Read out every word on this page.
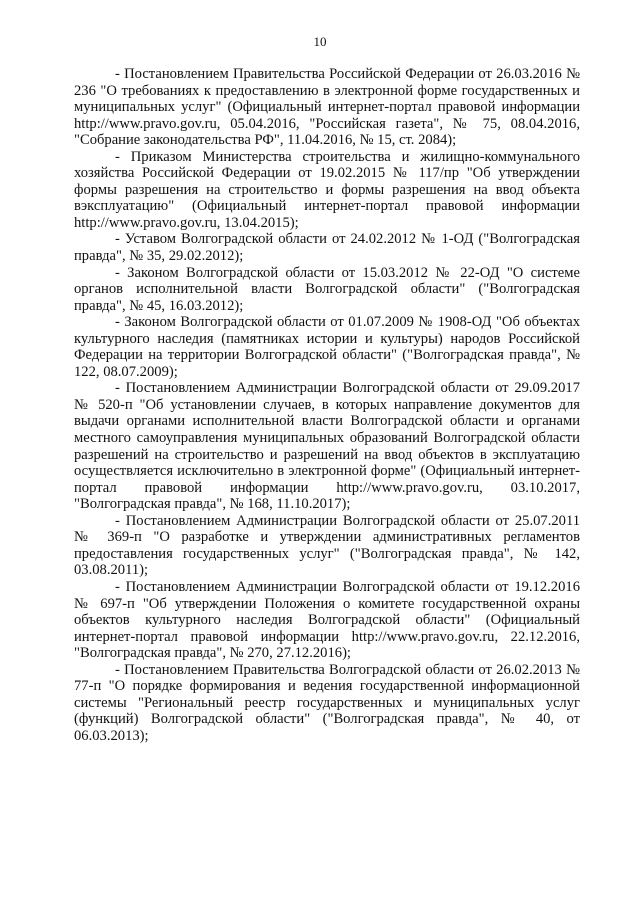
10

- Постановлением Правительства Российской Федерации от 26.03.2016 № 236 "О требованиях к предоставлению в электронной форме государственных и муниципальных услуг" (Официальный интернет-портал правовой информации http://www.pravo.gov.ru, 05.04.2016, "Российская газета", № 75, 08.04.2016, "Собрание законодательства РФ", 11.04.2016, № 15, ст. 2084);

- Приказом Министерства строительства и жилищно-коммунального хозяйства Российской Федерации от 19.02.2015 № 117/пр "Об утверждении формы разрешения на строительство и формы разрешения на ввод объекта вэксплуатацию" (Официальный интернет-портал правовой информации http://www.pravo.gov.ru, 13.04.2015);

- Уставом Волгоградской области от 24.02.2012 № 1-ОД ("Волгоградская правда", № 35, 29.02.2012);

- Законом Волгоградской области от 15.03.2012 № 22-ОД "О системе органов исполнительной власти Волгоградской области" ("Волгоградская правда", № 45, 16.03.2012);

- Законом Волгоградской области от 01.07.2009 № 1908-ОД "Об объектах культурного наследия (памятниках истории и культуры) народов Российской Федерации на территории Волгоградской области" ("Волгоградская правда", № 122, 08.07.2009);

- Постановлением Администрации Волгоградской области от 29.09.2017 № 520-п "Об установлении случаев, в которых направление документов для выдачи органами исполнительной власти Волгоградской области и органами местного самоуправления муниципальных образований Волгоградской области разрешений на строительство и разрешений на ввод объектов в эксплуатацию осуществляется исключительно в электронной форме" (Официальный интернет-портал правовой информации http://www.pravo.gov.ru, 03.10.2017, "Волгоградская правда", № 168, 11.10.2017);

- Постановлением Администрации Волгоградской области от 25.07.2011 № 369-п "О разработке и утверждении административных регламентов предоставления государственных услуг" ("Волгоградская правда", № 142, 03.08.2011);

- Постановлением Администрации Волгоградской области от 19.12.2016 № 697-п "Об утверждении Положения о комитете государственной охраны объектов культурного наследия Волгоградской области" (Официальный интернет-портал правовой информации http://www.pravo.gov.ru, 22.12.2016, "Волгоградская правда", № 270, 27.12.2016);

- Постановлением Правительства Волгоградской области от 26.02.2013 № 77-п "О порядке формирования и ведения государственной информационной системы "Региональный реестр государственных и муниципальных услуг (функций) Волгоградской области" ("Волгоградская правда", № 40, от 06.03.2013);
